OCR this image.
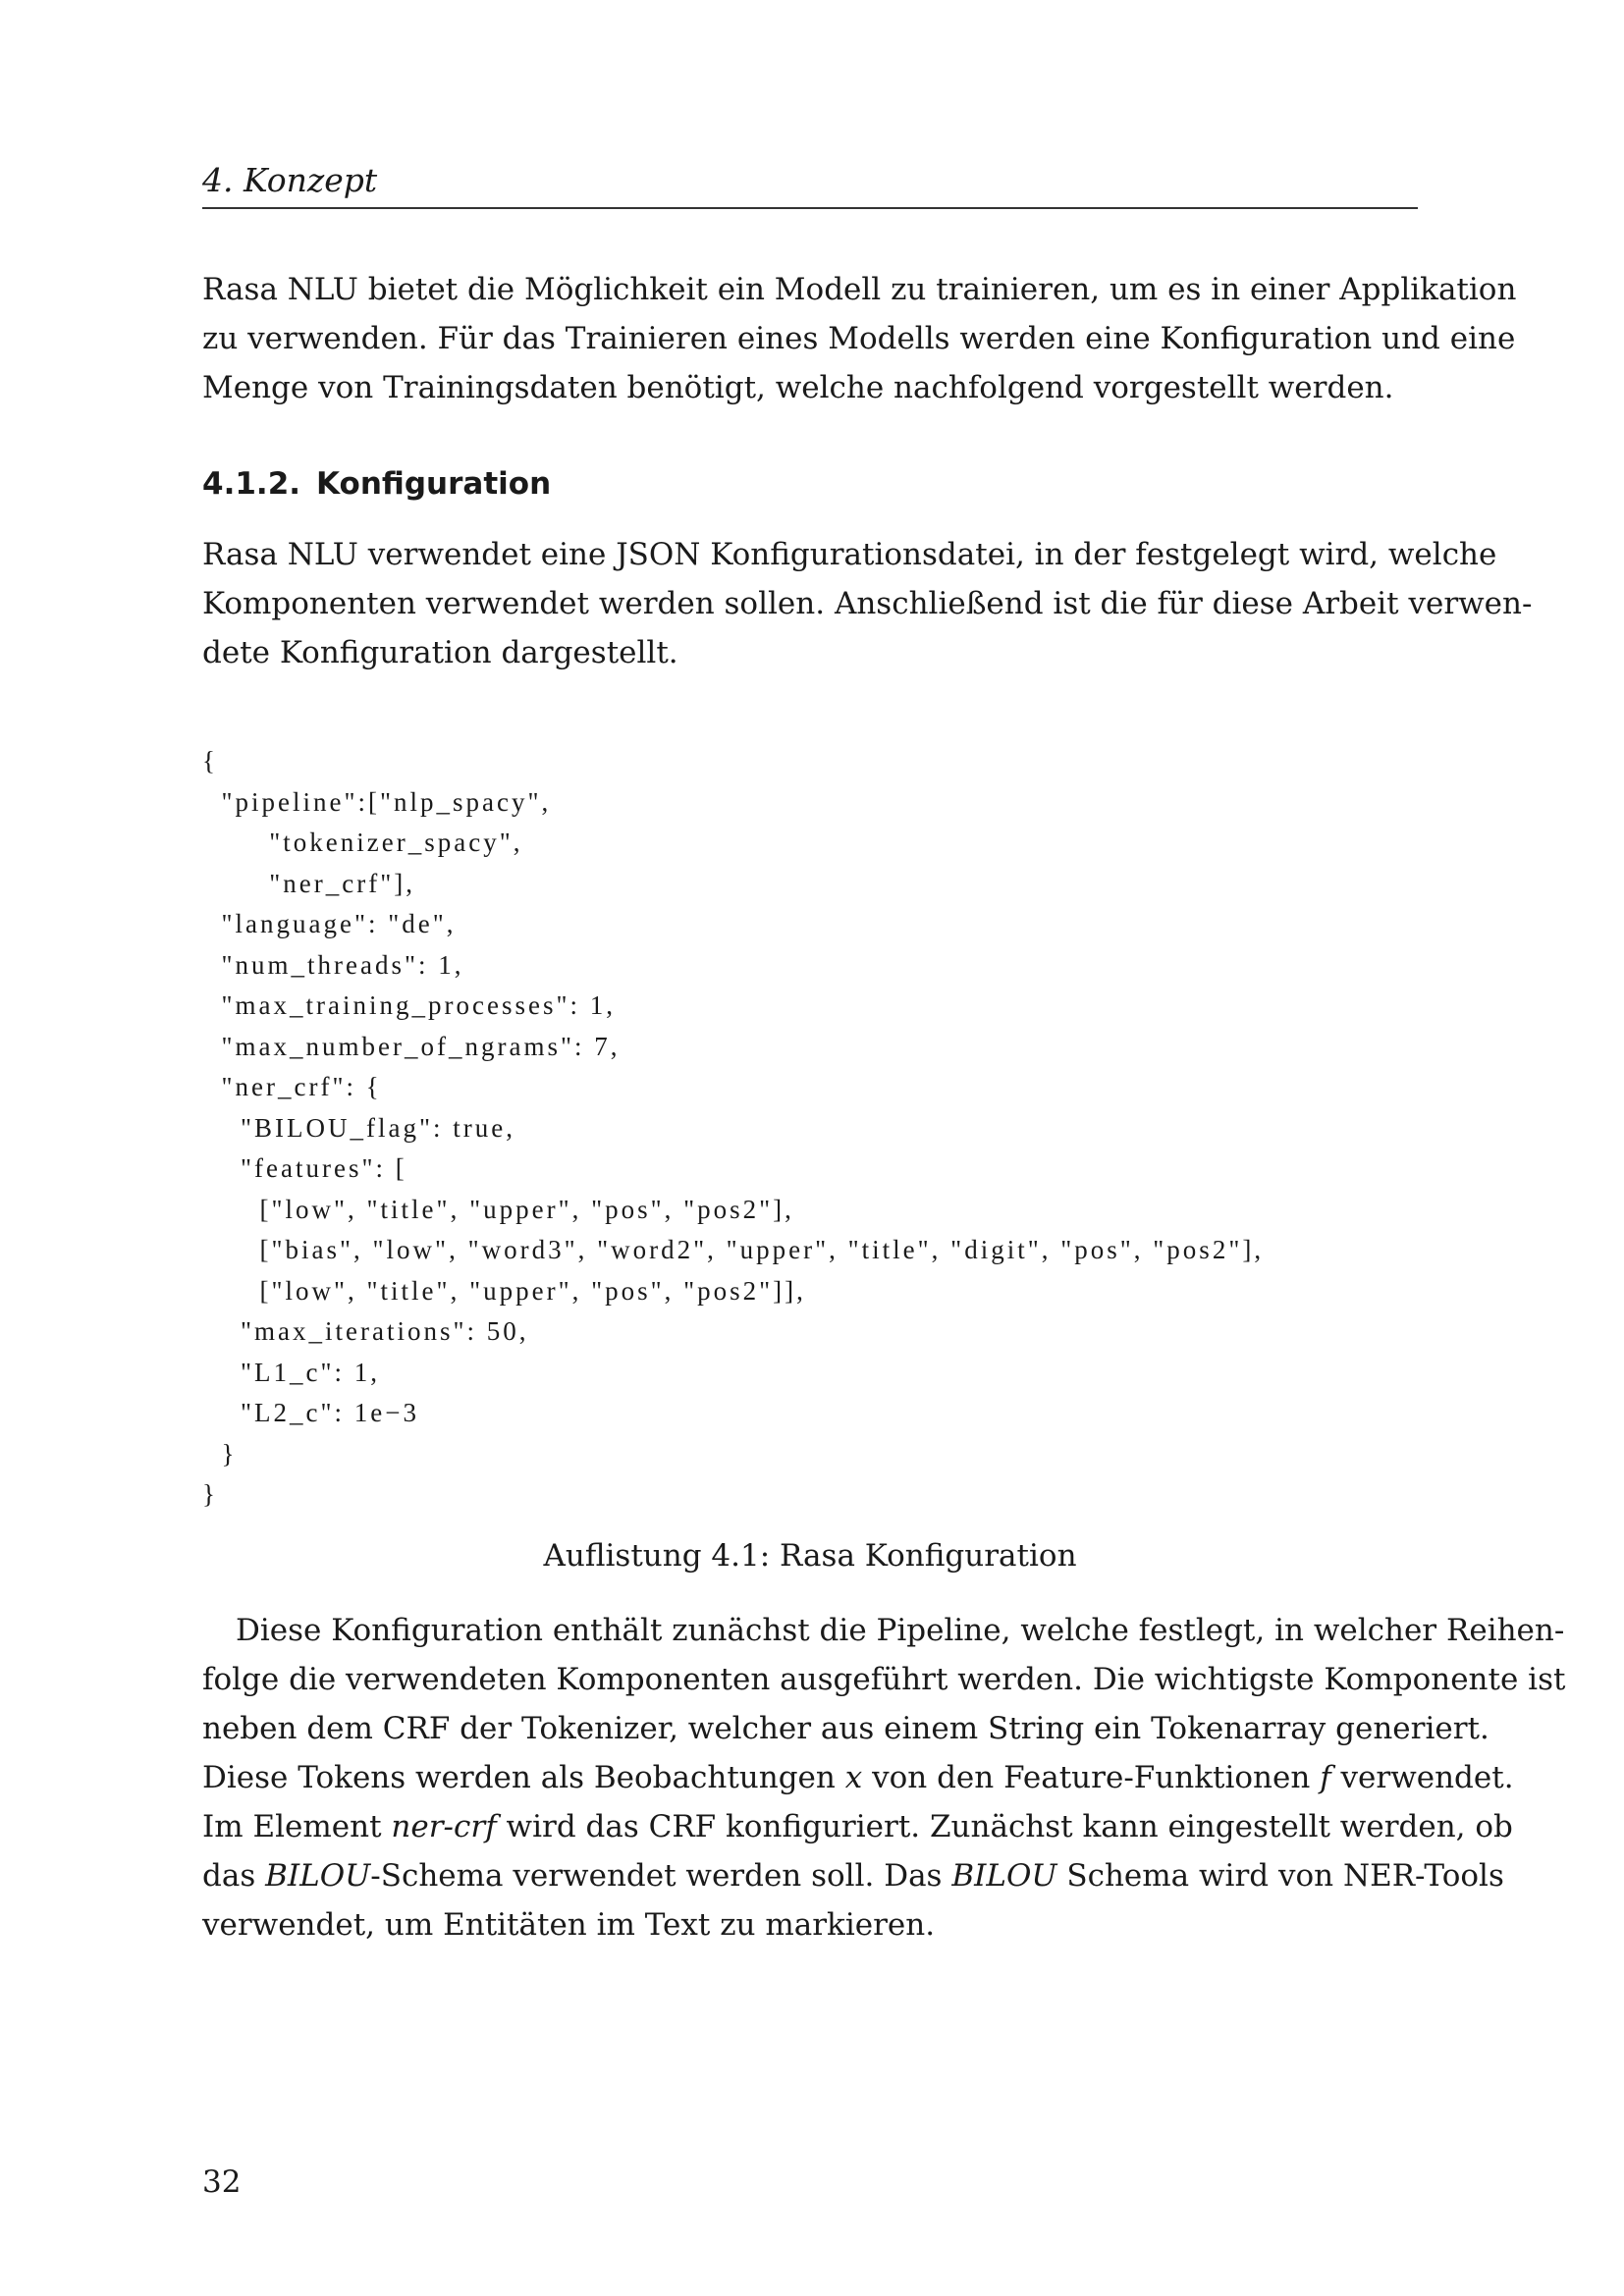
4. Konzept
Rasa NLU bietet die Möglichkeit ein Modell zu trainieren, um es in einer Applikation
zu verwenden. Für das Trainieren eines Modells werden eine Konfiguration und eine
Menge von Trainingsdaten benötigt, welche nachfolgend vorgestellt werden.
4.1.2. Konfiguration
Rasa NLU verwendet eine JSON Konfigurationsdatei, in der festgelegt wird, welche
Komponenten verwendet werden sollen. Anschließend ist die für diese Arbeit verwen-
dete Konfiguration dargestellt.
{
"pipeline":["nlp_spacy",
"tokenizer_spacy",
"ner_crf"],
"language": "de",
"num_threads": 1,
"max_training_processes": 1,
"max_number_of_ngrams": 7,
"ner_crf": {
"BILOU_flag": true,
"features": [
["low", "title", "upper", "pos", "pos2"],
["bias", "low", "word3", "word2", "upper", "title", "digit", "pos", "pos2"],
["low", "title", "upper", "pos", "pos2"]],
"max_iterations": 50,
"L1_c": 1,
"L2_c": 1e−3
}
}
Auflistung 4.1: Rasa Konfiguration
Diese Konfiguration enthält zunächst die Pipeline, welche festlegt, in welcher Reihen-
folge die verwendeten Komponenten ausgeführt werden. Die wichtigste Komponente ist
neben dem CRF der Tokenizer, welcher aus einem String ein Tokenarray generiert.
Diese Tokens werden als Beobachtungen x von den Feature-Funktionen f verwendet.
Im Element ner-crf wird das CRF konfiguriert. Zunächst kann eingestellt werden, ob
das BILOU-Schema verwendet werden soll. Das BILOU Schema wird von NER-Tools
verwendet, um Entitäten im Text zu markieren.
32
